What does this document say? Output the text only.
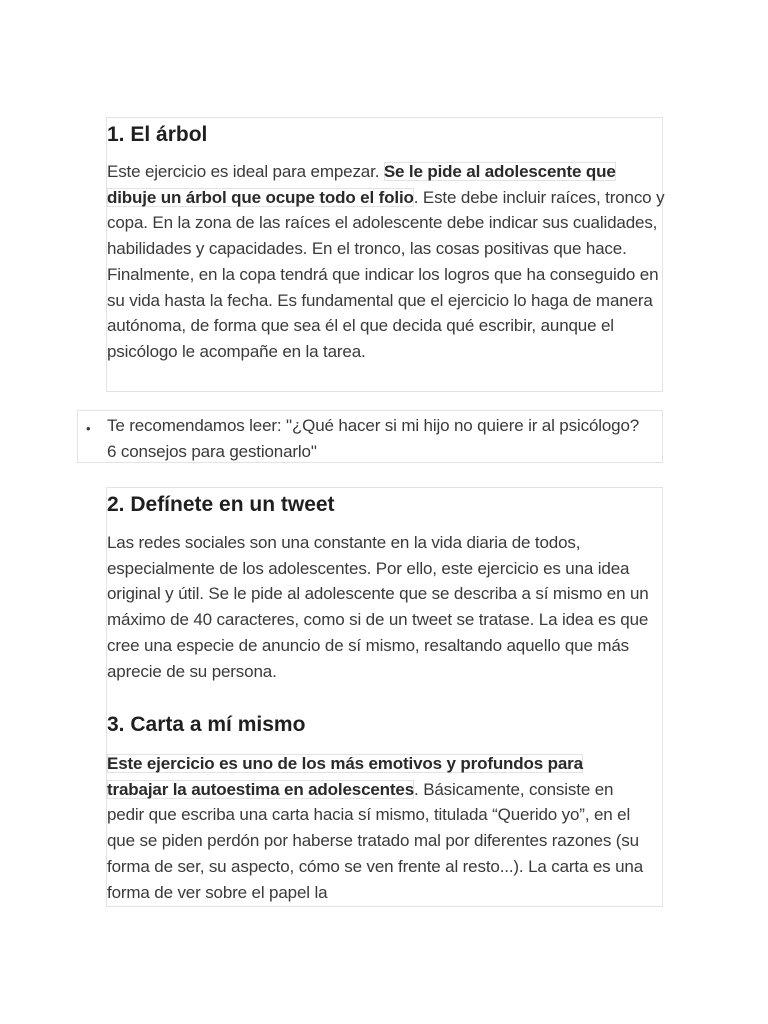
1. El árbol

Este ejercicio es ideal para empezar. Se le pide al adolescente que dibuje un árbol que ocupe todo el folio. Este debe incluir raíces, tronco y copa. En la zona de las raíces el adolescente debe indicar sus cualidades, habilidades y capacidades. En el tronco, las cosas positivas que hace. Finalmente, en la copa tendrá que indicar los logros que ha conseguido en su vida hasta la fecha. Es fundamental que el ejercicio lo haga de manera autónoma, de forma que sea él el que decida qué escribir, aunque el psicólogo le acompañe en la tarea.

• Te recomendamos leer: "¿Qué hacer si mi hijo no quiere ir al psicólogo? 6 consejos para gestionarlo"

2. Defínete en un tweet

Las redes sociales son una constante en la vida diaria de todos, especialmente de los adolescentes. Por ello, este ejercicio es una idea original y útil. Se le pide al adolescente que se describa a sí mismo en un máximo de 40 caracteres, como si de un tweet se tratase. La idea es que cree una especie de anuncio de sí mismo, resaltando aquello que más aprecie de su persona.

3. Carta a mí mismo

Este ejercicio es uno de los más emotivos y profundos para trabajar la autoestima en adolescentes. Básicamente, consiste en pedir que escriba una carta hacia sí mismo, titulada “Querido yo”, en el que se piden perdón por haberse tratado mal por diferentes razones (su forma de ser, su aspecto, cómo se ven frente al resto...). La carta es una forma de ver sobre el papel la
